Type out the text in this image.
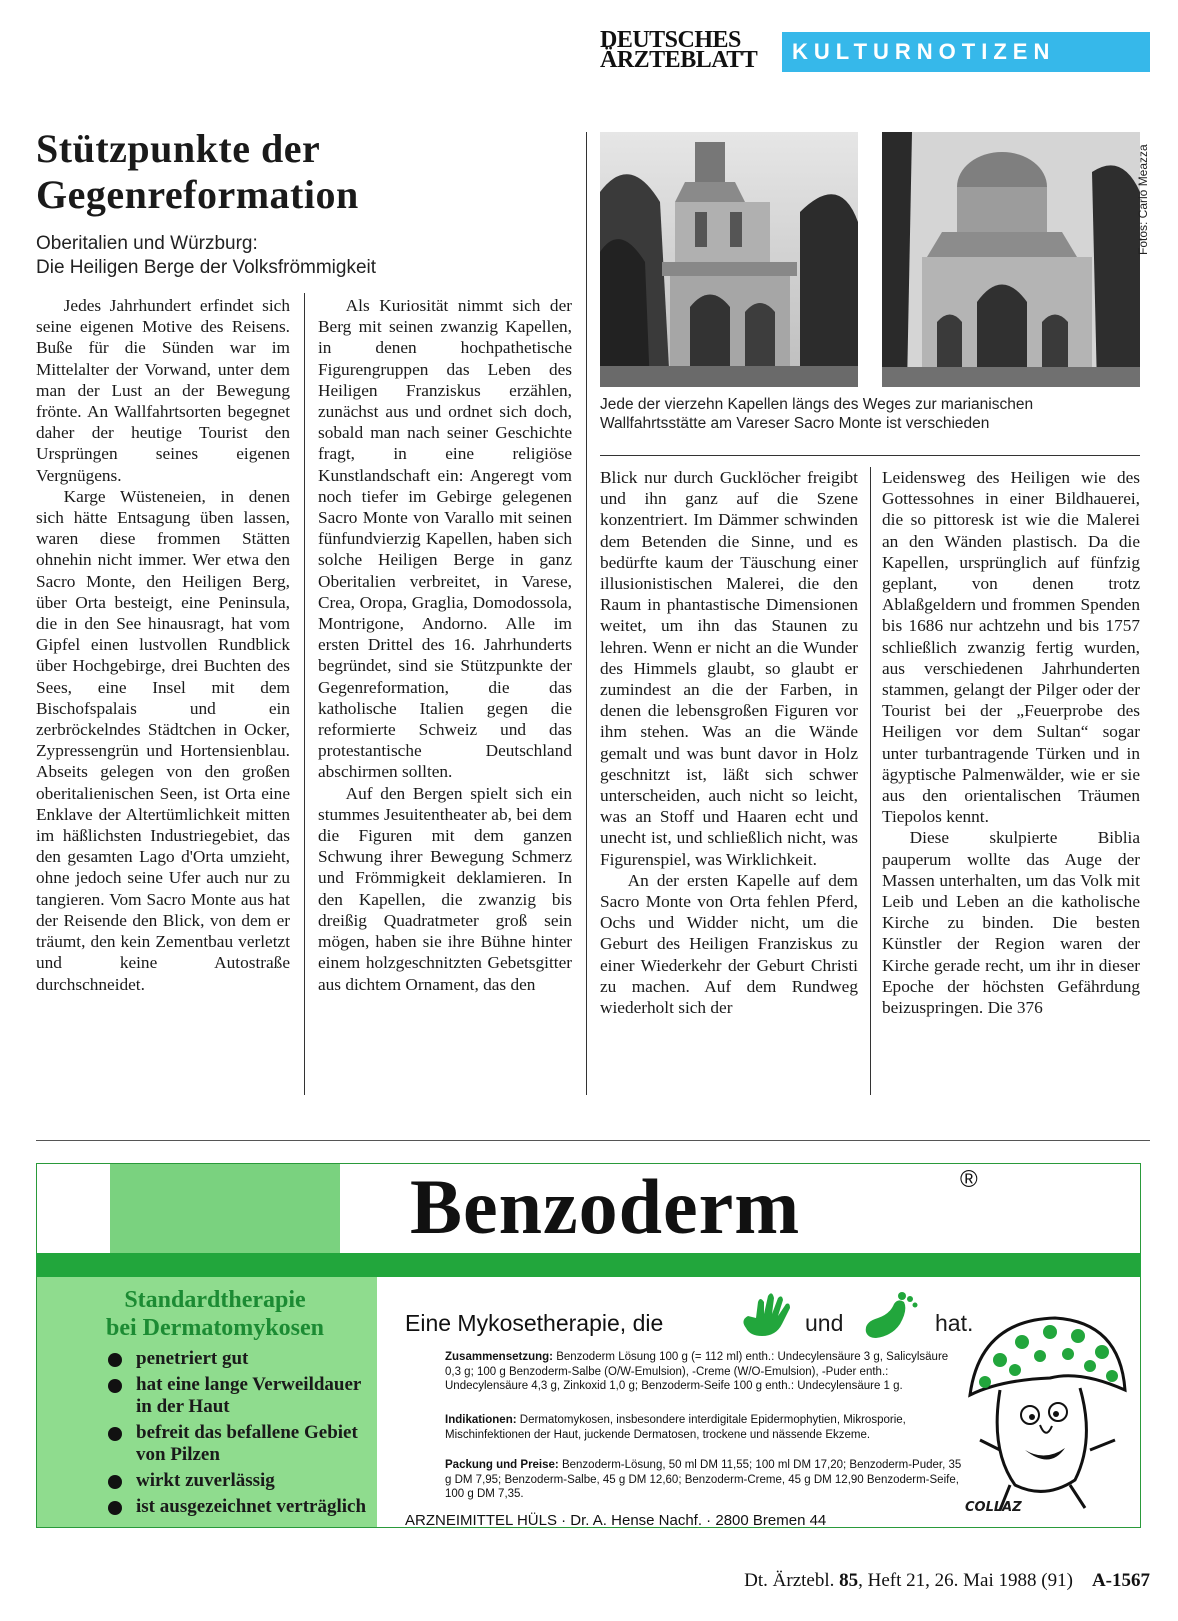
DEUTSCHES
ÄRZTEBLATT	KULTURNOTIZEN
Stützpunkte der
Gegenreformation
Oberitalien und Würzburg:
Die Heiligen Berge der Volksfrömmigkeit

Jedes Jahrhundert erfindet sich seine eigenen Motive des Reisens. Buße für die Sünden war im Mittelalter der Vorwand, unter dem man der Lust an der Bewegung frönte. An Wallfahrtsorten begegnet daher der heutige Tourist den Ursprüngen seines eigenen Vergnügens.

Karge Wüsteneien, in denen sich hätte Entsagung üben lassen, waren diese frommen Stätten ohnehin nicht immer. Wer etwa den Sacro Monte, den Heiligen Berg, über Orta besteigt, eine Peninsula, die in den See hinausragt, hat vom Gipfel einen lustvollen Rundblick über Hochgebirge, drei Buchten des Sees, eine Insel mit dem Bischofspalais und ein zerbröckelndes Städtchen in Ocker, Zypressengrün und Hortensienblau. Abseits gelegen von den großen oberitalienischen Seen, ist Orta eine Enklave der Altertümlichkeit mitten im häßlichsten Industriegebiet, das den gesamten Lago d'Orta umzieht, ohne jedoch seine Ufer auch nur zu tangieren. Vom Sacro Monte aus hat der Reisende den Blick, von dem er träumt, den kein Zementbau verletzt und keine Autostraße durchschneidet.

Als Kuriosität nimmt sich der Berg mit seinen zwanzig Kapellen, in denen hochpathetische Figurengruppen das Leben des Heiligen Franziskus erzählen, zunächst aus und ordnet sich doch, sobald man nach seiner Geschichte fragt, in eine religiöse Kunstlandschaft ein: Angeregt vom noch tiefer im Gebirge gelegenen Sacro Monte von Varallo mit seinen fünfundvierzig Kapellen, haben sich solche Heiligen Berge in ganz Oberitalien verbreitet, in Varese, Crea, Oropa, Graglia, Domodossola, Montrigone, Andorno. Alle im ersten Drittel des 16. Jahrhunderts begründet, sind sie Stützpunkte der Gegenreformation, die das katholische Italien gegen die reformierte Schweiz und das protestantische Deutschland abschirmen sollten.

Auf den Bergen spielt sich ein stummes Jesuitentheater ab, bei dem die Figuren mit dem ganzen Schwung ihrer Bewegung Schmerz und Frömmigkeit deklamieren. In den Kapellen, die zwanzig bis dreißig Quadratmeter groß sein mögen, haben sie ihre Bühne hinter einem holzgeschnitzten Gebetsgitter aus dichtem Ornament, das den

Blick nur durch Gucklöcher freigibt und ihn ganz auf die Szene konzentriert. Im Dämmer schwinden dem Betenden die Sinne, und es bedürfte kaum der Täuschung einer illusionistischen Malerei, die den Raum in phantastische Dimensionen weitet, um ihn das Staunen zu lehren. Wenn er nicht an die Wunder des Himmels glaubt, so glaubt er zumindest an die der Farben, in denen die lebensgroßen Figuren vor ihm stehen. Was an die Wände gemalt und was bunt davor in Holz geschnitzt ist, läßt sich schwer unterscheiden, auch nicht so leicht, was an Stoff und Haaren echt und unecht ist, und schließlich nicht, was Figurenspiel, was Wirklichkeit.

An der ersten Kapelle auf dem Sacro Monte von Orta fehlen Pferd, Ochs und Widder nicht, um die Geburt des Heiligen Franziskus zu einer Wiederkehr der Geburt Christi zu machen. Auf dem Rundweg wiederholt sich der

Leidensweg des Heiligen wie des Gottessohnes in einer Bildhauerei, die so pittoresk ist wie die Malerei an den Wänden plastisch. Da die Kapellen, ursprünglich auf fünfzig geplant, von denen trotz Ablaßgeldern und frommen Spenden bis 1686 nur achtzehn und bis 1757 schließlich zwanzig fertig wurden, aus verschiedenen Jahrhunderten stammen, gelangt der Pilger oder der Tourist bei der „Feuerprobe des Heiligen vor dem Sultan“ sogar unter turbantragende Türken und in ägyptische Palmenwälder, wie er sie aus den orientalischen Träumen Tiepolos kennt.

Diese skulpierte Biblia pauperum wollte das Auge der Massen unterhalten, um das Volk mit Leib und Leben an die katholische Kirche zu binden. Die besten Künstler der Region waren der Kirche gerade recht, um ihr in dieser Epoche der höchsten Gefährdung beizuspringen. Die 376

Fotos: Carlo Meazza
Jede der vierzehn Kapellen längs des Weges zur marianischen
Wallfahrtsstätte am Vareser Sacro Monte ist verschieden
Benzoderm	®
Standardtherapie
bei Dermatomykosen
penetriert gut
hat eine lange Verweildauer in der Haut
befreit das befallene Gebiet von Pilzen
wirkt zuverlässig
ist ausgezeichnet verträglich
Eine Mykosetherapie, die	und	hat.
Zusammensetzung: Benzoderm Lösung 100 g (= 112 ml) enth.: Undecylensäure 3 g, Salicylsäure 0,3 g; 100 g Benzoderm-Salbe (O/W-Emulsion), -Creme (W/O-Emulsion), -Puder enth.: Undecylensäure 4,3 g, Zinkoxid 1,0 g; Benzoderm-Seife 100 g enth.: Undecylensäure 1 g.
Indikationen: Dermatomykosen, insbesondere interdigitale Epidermophytien, Mikrosporie, Mischinfektionen der Haut, juckende Dermatosen, trockene und nässende Ekzeme.
Packung und Preise: Benzoderm-Lösung, 50 ml DM 11,55; 100 ml DM 17,20; Benzoderm-Puder, 35 g DM 7,95; Benzoderm-Salbe, 45 g DM 12,60; Benzoderm-Creme, 45 g DM 12,90 Benzoderm-Seife, 100 g DM 7,35.
ARZNEIMITTEL HÜLS · Dr. A. Hense Nachf. · 2800 Bremen 44
COLLAZ
Dt. Ärztebl. 85, Heft 21, 26. Mai 1988 (91) A-1567
